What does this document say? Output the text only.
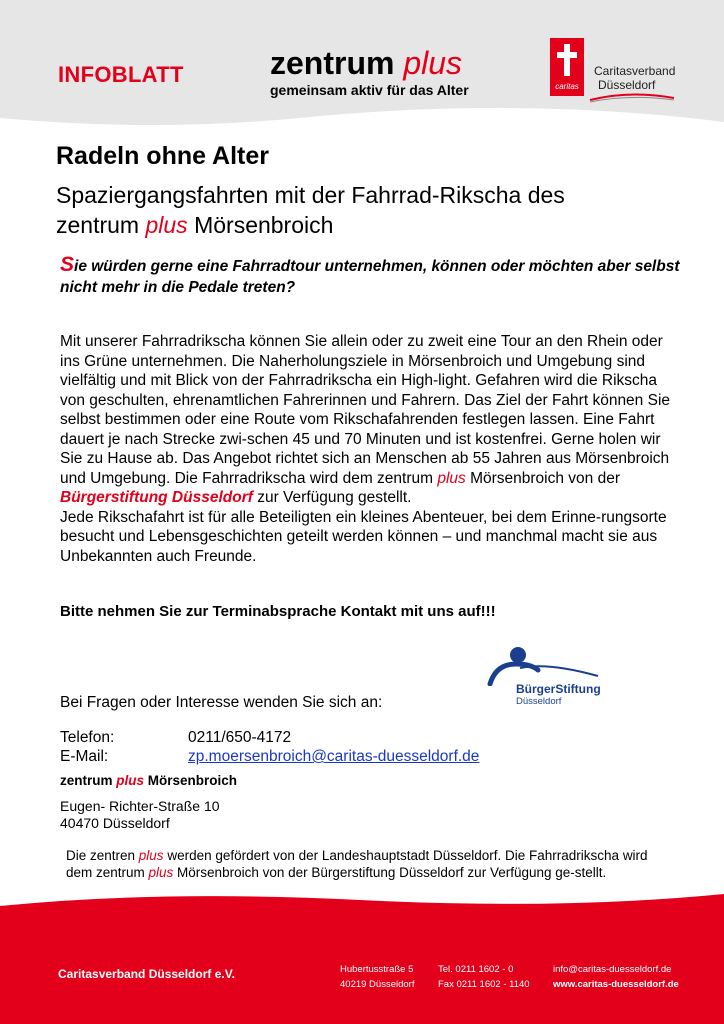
INFOBLATT	zentrum plus
gemeinsam aktiv für das Alter	caritas
Caritasverband
Düsseldorf
Radeln ohne Alter
Spaziergangsfahrten mit der Fahrrad-Rikscha des
zentrum plus Mörsenbroich
Sie würden gerne eine Fahrradtour unternehmen, können oder möchten aber selbst nicht mehr in die Pedale treten?

Mit unserer Fahrradrikscha können Sie allein oder zu zweit eine Tour an den Rhein oder ins Grüne unternehmen. Die Naherholungsziele in Mörsenbroich und Umgebung sind vielfältig und mit Blick von der Fahrradrikscha ein High-light. Gefahren wird die Rikscha von geschulten, ehrenamtlichen Fahrerinnen und Fahrern. Das Ziel der Fahrt können Sie selbst bestimmen oder eine Route vom Rikschafahrenden festlegen lassen. Eine Fahrt dauert je nach Strecke zwi-schen 45 und 70 Minuten und ist kostenfrei. Gerne holen wir Sie zu Hause ab. Das Angebot richtet sich an Menschen ab 55 Jahren aus Mörsenbroich und Umgebung. Die Fahrradrikscha wird dem zentrum plus Mörsenbroich von der Bürgerstiftung Düsseldorf zur Verfügung gestellt.

Jede Rikschafahrt ist für alle Beteiligten ein kleines Abenteuer, bei dem Erinne-rungsorte besucht und Lebensgeschichten geteilt werden können – und manchmal macht sie aus Unbekannten auch Freunde.

Bitte nehmen Sie zur Terminabsprache Kontakt mit uns auf!!!
BürgerStiftung
Düsseldorf
Bei Fragen oder Interesse wenden Sie sich an:
Telefon:	0211/650-4172
E-Mail:	zp.moersenbroich@caritas-duesseldorf.de
zentrum plus Mörsenbroich
Eugen- Richter-Straße 10
40470 Düsseldorf
Die zentren plus werden gefördert von der Landeshauptstadt Düsseldorf. Die Fahrradrikscha wird dem zentrum plus Mörsenbroich von der Bürgerstiftung Düsseldorf zur Verfügung ge-stellt.
Caritasverband Düsseldorf e.V.	Hubertusstraße 5
40219 Düsseldorf
Tel. 0211 1602 - 0
Fax 0211 1602 - 1140
info@caritas-duesseldorf.de
www.caritas-duesseldorf.de
